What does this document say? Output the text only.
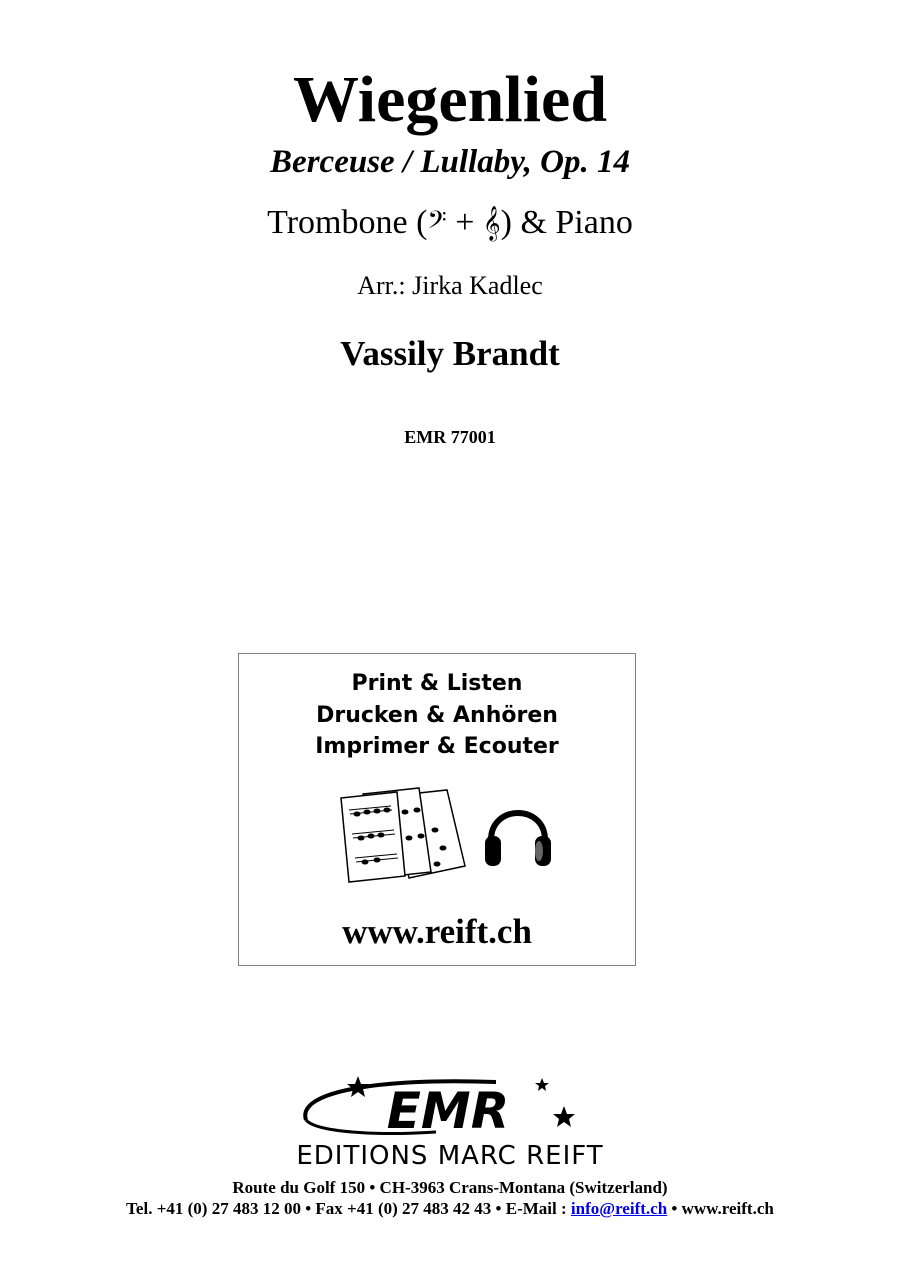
Wiegenlied
Berceuse / Lullaby, Op. 14
Trombone (𝄢 + 𝄞) & Piano
Arr.: Jirka Kadlec
Vassily Brandt
EMR 77001
Print & Listen
Drucken & Anhören
Imprimer & Ecouter
www.reift.ch
EMR
EDITIONS MARC REIFT
Route du Golf 150 • CH-3963 Crans-Montana (Switzerland)
Tel. +41 (0) 27 483 12 00 • Fax +41 (0) 27 483 42 43 • E-Mail : info@reift.ch • www.reift.ch
